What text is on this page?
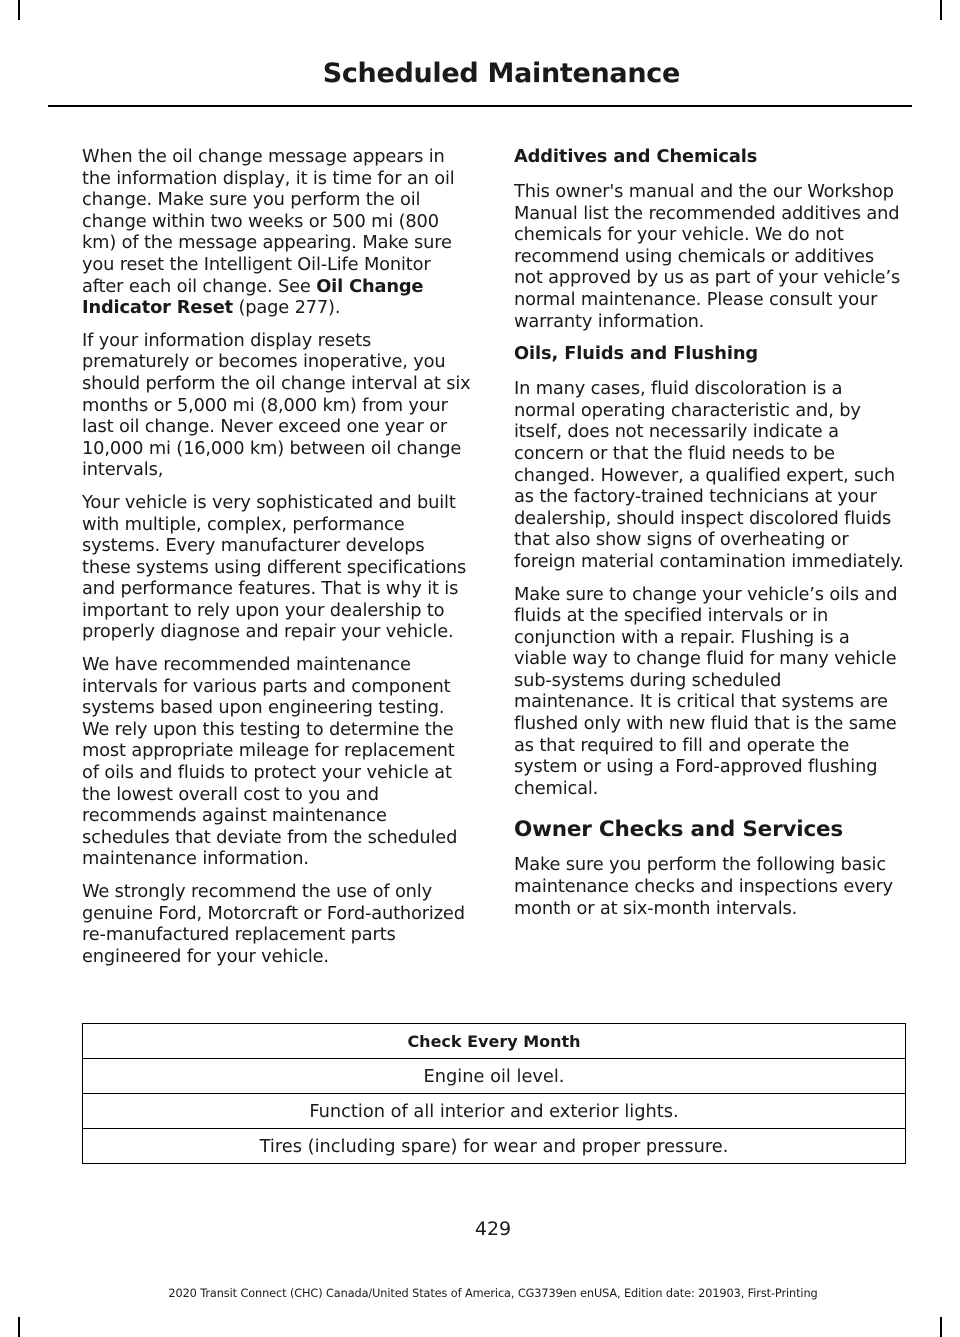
Scheduled Maintenance

When the oil change message appears in the information display, it is time for an oil change. Make sure you perform the oil change within two weeks or 500 mi (800 km) of the message appearing. Make sure you reset the Intelligent Oil-Life Monitor after each oil change. See Oil Change Indicator Reset (page 277).

If your information display resets prematurely or becomes inoperative, you should perform the oil change interval at six months or 5,000 mi (8,000 km) from your last oil change. Never exceed one year or 10,000 mi (16,000 km) between oil change intervals,

Your vehicle is very sophisticated and built with multiple, complex, performance systems. Every manufacturer develops these systems using different specifications and performance features. That is why it is important to rely upon your dealership to properly diagnose and repair your vehicle.

We have recommended maintenance intervals for various parts and component systems based upon engineering testing. We rely upon this testing to determine the most appropriate mileage for replacement of oils and fluids to protect your vehicle at the lowest overall cost to you and recommends against maintenance schedules that deviate from the scheduled maintenance information.

We strongly recommend the use of only genuine Ford, Motorcraft or Ford-authorized re-manufactured replacement parts engineered for your vehicle.

Additives and Chemicals

This owner's manual and the our Workshop Manual list the recommended additives and chemicals for your vehicle. We do not recommend using chemicals or additives not approved by us as part of your vehicle’s normal maintenance. Please consult your warranty information.

Oils, Fluids and Flushing

In many cases, fluid discoloration is a normal operating characteristic and, by itself, does not necessarily indicate a concern or that the fluid needs to be changed. However, a qualified expert, such as the factory-trained technicians at your dealership, should inspect discolored fluids that also show signs of overheating or foreign material contamination immediately.

Make sure to change your vehicle’s oils and fluids at the specified intervals or in conjunction with a repair. Flushing is a viable way to change fluid for many vehicle sub-systems during scheduled maintenance. It is critical that systems are flushed only with new fluid that is the same as that required to fill and operate the system or using a Ford-approved flushing chemical.

Owner Checks and Services

Make sure you perform the following basic maintenance checks and inspections every month or at six-month intervals.

Check Every Month
Engine oil level.
Function of all interior and exterior lights.
Tires (including spare) for wear and proper pressure.
429
2020 Transit Connect (CHC) Canada/United States of America, CG3739en enUSA, Edition date: 201903, First-Printing
